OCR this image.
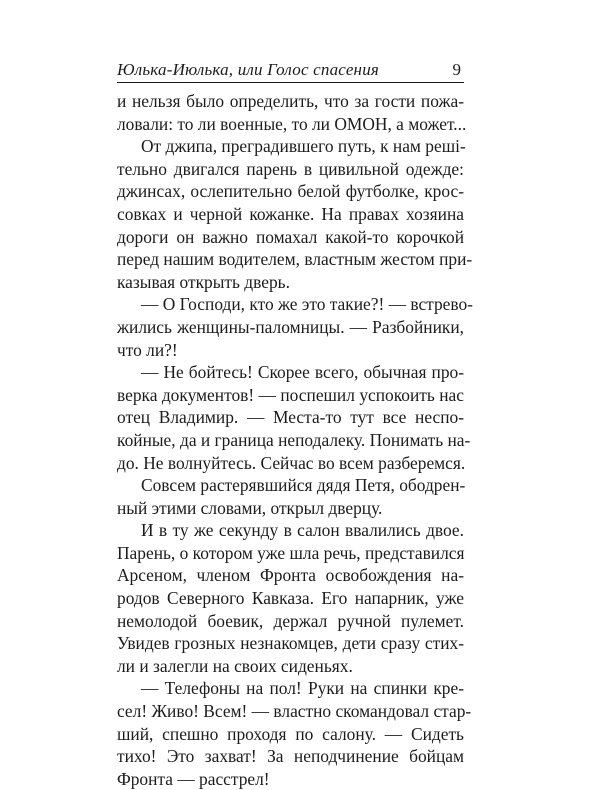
Юлька-Июлька, или Голос спасения	9
и нельзя было определить, что за гости пожа-
ловали: то ли военные, то ли ОМОН, а может...
От джипа, преградившего путь, к нам решi-
тельно двигался парень в цивильной одежде:
джинсах, ослепительно белой футболке, крос-
совках и черной кожанке. На правах хозяина
дороги он важно помахал какой-то корочкой
перед нашим водителем, властным жестом при-
казывая открыть дверь.
— О Господи, кто же это такие?! — встрево-
жились женщины-паломницы. — Разбойники,
что ли?!
— Не бойтесь! Скорее всего, обычная про-
верка документов! — поспешил успокоить нас
отец Владимир. — Места-то тут все неспо-
койные, да и граница неподалеку. Понимать на-
до. Не волнуйтесь. Сейчас во всем разберемся.
Совсем растерявшийся дядя Петя, ободрен-
ный этими словами, открыл дверцу.
И в ту же секунду в салон ввалились двое.
Парень, о котором уже шла речь, представился
Арсеном, членом Фронта освобождения на-
родов Северного Кавказа. Его напарник, уже
немолодой боевик, держал ручной пулемет.
Увидев грозных незнакомцев, дети сразу стих-
ли и залегли на своих сиденьях.
— Телефоны на пол! Руки на спинки кре-
сел! Живо! Всем! — властно скомандовал стар-
ший, спешно проходя по салону. — Сидеть
тихо! Это захват! За неподчинение бойцам
Фронта — расстрел!
